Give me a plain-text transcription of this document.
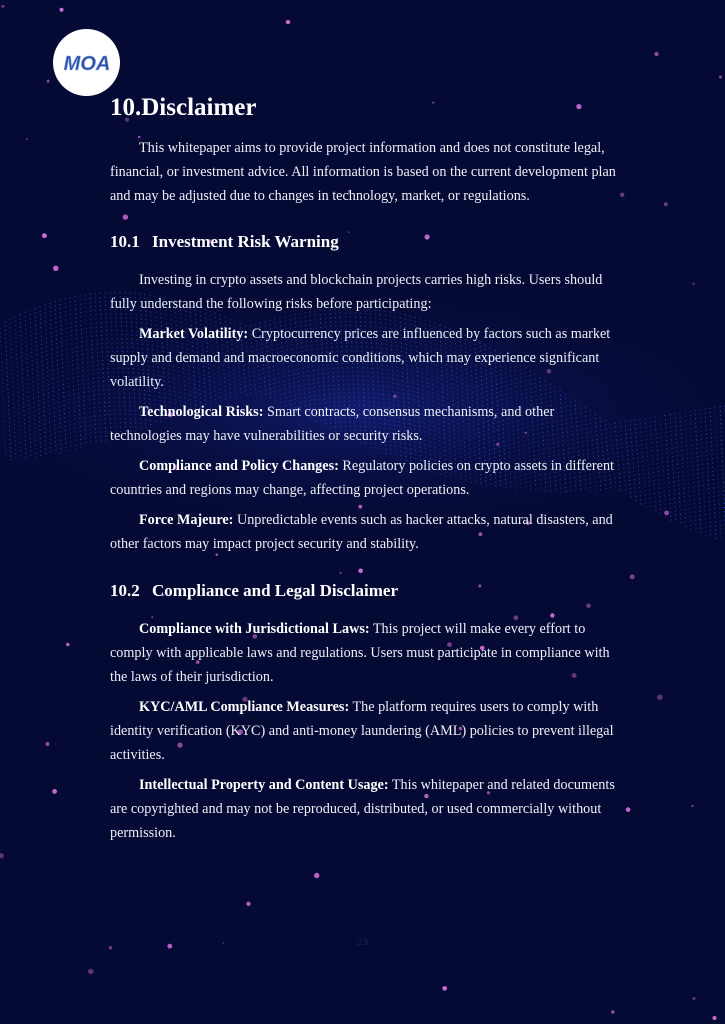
MOA
10.Disclaimer

This whitepaper aims to provide project information and does not constitute legal, financial, or investment advice. All information is based on the current development plan and may be adjusted due to changes in technology, market, or regulations.

10.1 Investment Risk Warning

Investing in crypto assets and blockchain projects carries high risks. Users should fully understand the following risks before participating:

Market Volatility: Cryptocurrency prices are influenced by factors such as market supply and demand and macroeconomic conditions, which may experience significant volatility.

Technological Risks: Smart contracts, consensus mechanisms, and other technologies may have vulnerabilities or security risks.

Compliance and Policy Changes: Regulatory policies on crypto assets in different countries and regions may change, affecting project operations.

Force Majeure: Unpredictable events such as hacker attacks, natural disasters, and other factors may impact project security and stability.

10.2 Compliance and Legal Disclaimer

Compliance with Jurisdictional Laws: This project will make every effort to comply with applicable laws and regulations. Users must participate in compliance with the laws of their jurisdiction.

KYC/AML Compliance Measures: The platform requires users to comply with identity verification (KYC) and anti-money laundering (AML) policies to prevent illegal activities.

Intellectual Property and Content Usage: This whitepaper and related documents are copyrighted and may not be reproduced, distributed, or used commercially without permission.

23
